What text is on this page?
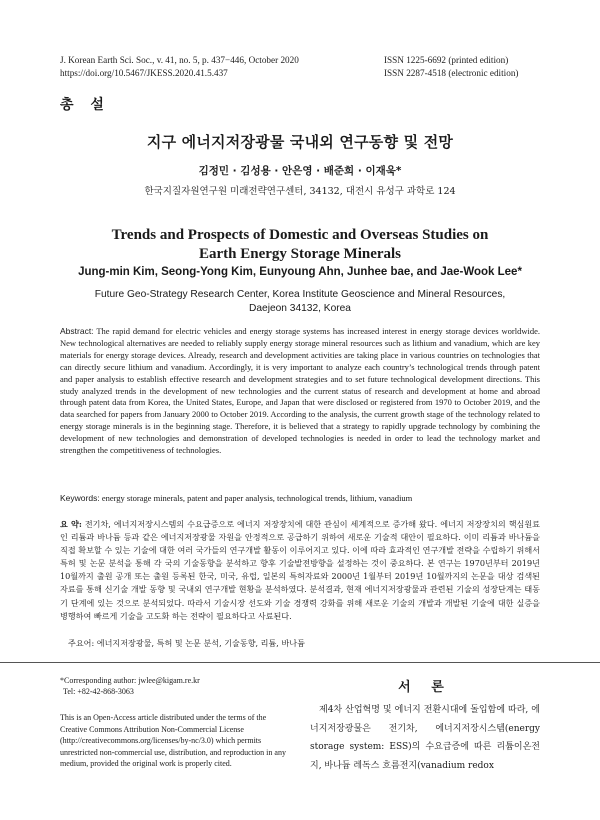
J. Korean Earth Sci. Soc., v. 41, no. 5, p. 437−446, October 2020
https://doi.org/10.5467/JKESS.2020.41.5.437
ISSN 1225-6692 (printed edition)
ISSN 2287-4518 (electronic edition)
총 설
지구 에너지저장광물 국내외 연구동향 및 전망
김정민 · 김성용 · 안은영 · 배준희 · 이재욱*
한국지질자원연구원 미래전략연구센터, 34132, 대전시 유성구 과학로 124
Trends and Prospects of Domestic and Overseas Studies on
Earth Energy Storage Minerals
Jung-min Kim, Seong-Yong Kim, Eunyoung Ahn, Junhee bae, and Jae-Wook Lee*
Future Geo-Strategy Research Center, Korea Institute Geoscience and Mineral Resources,
Daejeon 34132, Korea
Abstract: The rapid demand for electric vehicles and energy storage systems has increased interest in energy storage devices worldwide. New technological alternatives are needed to reliably supply energy storage mineral resources such as lithium and vanadium, which are key materials for energy storage devices. Already, research and development activities are taking place in various countries on technologies that can directly secure lithium and vanadium. Accordingly, it is very important to analyze each country’s technological trends through patent and paper analysis to establish effective research and development strategies and to set future technological development directions. This study analyzed trends in the development of new technologies and the current status of research and development at home and abroad through patent data from Korea, the United States, Europe, and Japan that were disclosed or registered from 1970 to October 2019, and the data searched for papers from January 2000 to October 2019. According to the analysis, the current growth stage of the technology related to energy storage minerals is in the beginning stage. Therefore, it is believed that a strategy to rapidly upgrade technology by combining the development of new technologies and demonstration of developed technologies is needed in order to lead the technology market and strengthen the competitiveness of technologies.
Keywords: energy storage minerals, patent and paper analysis, technological trends, lithium, vanadium
요 약: 전기차, 에너지저장시스템의 수요급증으로 에너지 저장장치에 대한 관심이 세계적으로 증가해 왔다. 에너지 저장장치의 핵심원료인 리튬과 바나듐 등과 같은 에너지저장광물 자원을 안정적으로 공급하기 위하여 새로운 기술적 대안이 필요하다. 이미 리튬과 바나듐을 직접 확보할 수 있는 기술에 대한 여러 국가들의 연구개발 활동이 이루어지고 있다. 이에 따라 효과적인 연구개발 전략을 수립하기 위해서 특허 및 논문 분석을 통해 각 국의 기술동향을 분석하고 향후 기술발전방향을 설정하는 것이 중요하다. 본 연구는 1970년부터 2019년 10월까지 출원 공개 또는 출원 등록된 한국, 미국, 유럽, 일본의 특허자료와 2000년 1월부터 2019년 10월까지의 논문을 대상 검색된 자료를 통해 신기술 개발 동향 및 국내외 연구개발 현황을 분석하였다. 분석결과, 현재 에너지저장광물과 관련된 기술의 성장단계는 태동기 단계에 있는 것으로 분석되었다. 따라서 기술시장 선도와 기술 경쟁력 강화를 위해 새로운 기술의 개발과 개발된 기술에 대한 실증을 병행하여 빠르게 기술을 고도화 하는 전략이 필요하다고 사료된다.
주요어: 에너지저장광물, 특허 및 논문 분석, 기술동향, 리튬, 바나듐
*Corresponding author: jwlee@kigam.re.kr
Tel: +82-42-868-3063
This is an Open-Access article distributed under the terms of the Creative Commons Attribution Non-Commercial License (http://creativecommons.org/licenses/by-nc/3.0) which permits unrestricted non-commercial use, distribution, and reproduction in any medium, provided the original work is properly cited.
서 론
제4차 산업혁명 및 에너지 전환시대에 돌입함에 따라, 에너지저장광물은 전기차, 에너지저장시스템(energy storage system: ESS)의 수요급증에 따른 리튬이온전지, 바나듐 레독스 흐름전지(vanadium redox
